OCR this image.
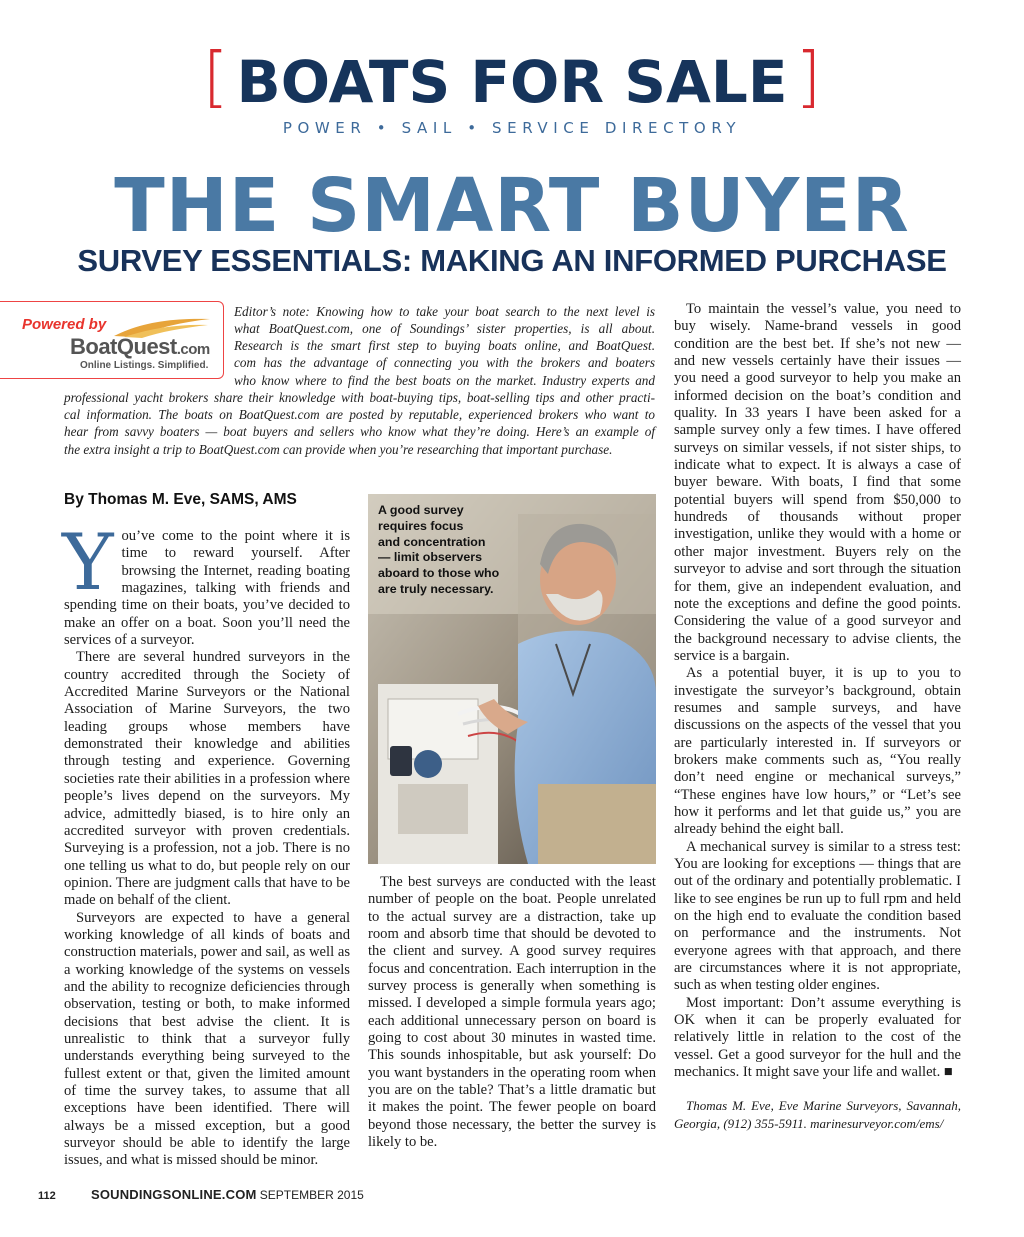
[ BOATS FOR SALE ]
POWER • SAIL • SERVICE DIRECTORY
THE SMART BUYER
SURVEY ESSENTIALS: MAKING AN INFORMED PURCHASE
Powered by
BoatQuest.com
Online Listings. Simplified.
Editor’s note: Knowing how to take your boat search to the next level is
what BoatQuest.com, one of Soundings’ sister properties, is all about.
Research is the smart first step to buying boats online, and BoatQuest.
com has the advantage of connecting you with the brokers and boaters
who know where to find the best boats on the market. Industry experts and
professional yacht brokers share their knowledge with boat-buying tips, boat-selling tips and other practi-
cal information. The boats on BoatQuest.com are posted by reputable, experienced brokers who want to
hear from savvy boaters — boat buyers and sellers who know what they’re doing. Here’s an example of
the extra insight a trip to BoatQuest.com can provide when you’re researching that important purchase.
By Thomas M. Eve, SAMS, AMS

You’ve come to the point where it is time to reward yourself. After browsing the Internet, reading boating magazines, talking with friends and spending time on their boats, you’ve decided to make an offer on a boat. Soon you’ll need the services of a surveyor.

There are several hundred surveyors in the country accredited through the Society of Accredited Marine Surveyors or the National Association of Marine Surveyors, the two leading groups whose members have demonstrated their knowledge and abilities through testing and experience. Governing societies rate their abilities in a profession where people’s lives depend on the surveyors. My advice, admittedly biased, is to hire only an accredited surveyor with proven credentials. Surveying is a profession, not a job. There is no one telling us what to do, but people rely on our opinion. There are judgment calls that have to be made on behalf of the client.

Surveyors are expected to have a general working knowledge of all kinds of boats and construction materials, power and sail, as well as a working knowledge of the systems on vessels and the ability to recognize deficiencies through observation, testing or both, to make informed decisions that best advise the client. It is unrealistic to think that a surveyor fully understands everything being surveyed to the fullest extent or that, given the limited amount of time the survey takes, to assume that all exceptions have been identified. There will always be a missed exception, but a good surveyor should be able to identify the large issues, and what is missed should be minor.

A good survey
requires focus
and concentration
— limit observers
aboard to those who
are truly necessary.

The best surveys are conducted with the least number of people on the boat. People unrelated to the actual survey are a distraction, take up room and absorb time that should be devoted to the client and survey. A good survey requires focus and concentration. Each interruption in the survey process is generally when something is missed. I developed a simple formula years ago; each additional unnecessary person on board is going to cost about 30 minutes in wasted time. This sounds inhospitable, but ask yourself: Do you want bystanders in the operating room when you are on the table? That’s a little dramatic but it makes the point. The fewer people on board beyond those necessary, the better the survey is likely to be.

To maintain the vessel’s value, you need to buy wisely. Name-brand vessels in good condition are the best bet. If she’s not new — and new vessels certainly have their issues — you need a good surveyor to help you make an informed decision on the boat’s condition and quality. In 33 years I have been asked for a sample survey only a few times. I have offered surveys on similar vessels, if not sister ships, to indicate what to expect. It is always a case of buyer beware. With boats, I find that some potential buyers will spend from $50,000 to hundreds of thousands without proper investigation, unlike they would with a home or other major investment. Buyers rely on the surveyor to advise and sort through the situation for them, give an independent evaluation, and note the exceptions and define the good points. Considering the value of a good surveyor and the background necessary to advise clients, the service is a bargain.

As a potential buyer, it is up to you to investigate the surveyor’s background, obtain resumes and sample surveys, and have discussions on the aspects of the vessel that you are particularly interested in. If surveyors or brokers make comments such as, “You really don’t need engine or mechanical surveys,” “These engines have low hours,” or “Let’s see how it performs and let that guide us,” you are already behind the eight ball.

A mechanical survey is similar to a stress test: You are looking for exceptions — things that are out of the ordinary and potentially problematic. I like to see engines be run up to full rpm and held on the high end to evaluate the condition based on performance and the instruments. Not everyone agrees with that approach, and there are circumstances where it is not appropriate, such as when testing older engines.

Most important: Don’t assume everything is OK when it can be properly evaluated for relatively little in relation to the cost of the vessel. Get a good surveyor for the hull and the mechanics. It might save your life and wallet. ■

Thomas M. Eve, Eve Marine Surveyors, Savannah, Georgia, (912) 355-5911. marinesurveyor.com/ems/

112	SOUNDINGSONLINE.COM SEPTEMBER 2015
